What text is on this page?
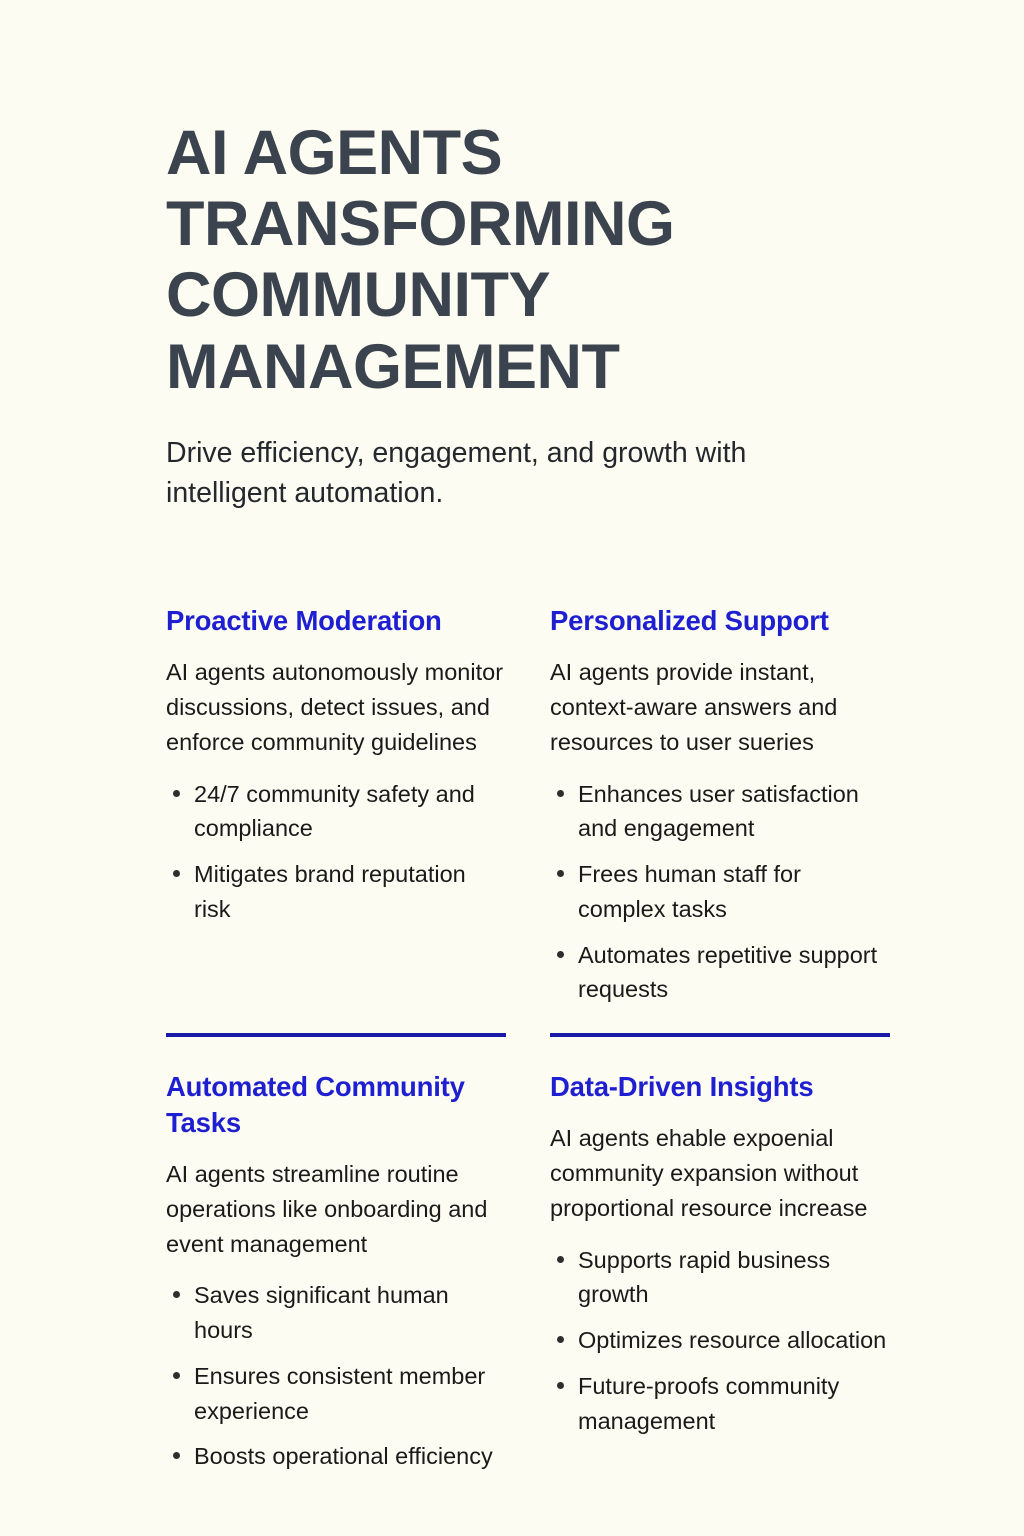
AI AGENTS TRANSFORMING COMMUNITY MANAGEMENT

Drive efficiency, engagement, and growth with intelligent automation.

Proactive Moderation

AI agents autonomously monitor discussions, detect issues, and enforce community guidelines

24/7 community safety and compliance
Mitigates brand reputation risk
Personalized Support

AI agents provide instant, context-aware answers and resources to user sueries

Enhances user satisfaction and engagement
Frees human staff for complex tasks
Automates repetitive support requests
Automated Community Tasks

AI agents streamline routine operations like onboarding and event management

Saves significant human hours
Ensures consistent member experience
Boosts operational efficiency
Data-Driven Insights

AI agents ehable expoenial community expansion without proportional resource increase

Supports rapid business growth
Optimizes resource allocation
Future-proofs community management
